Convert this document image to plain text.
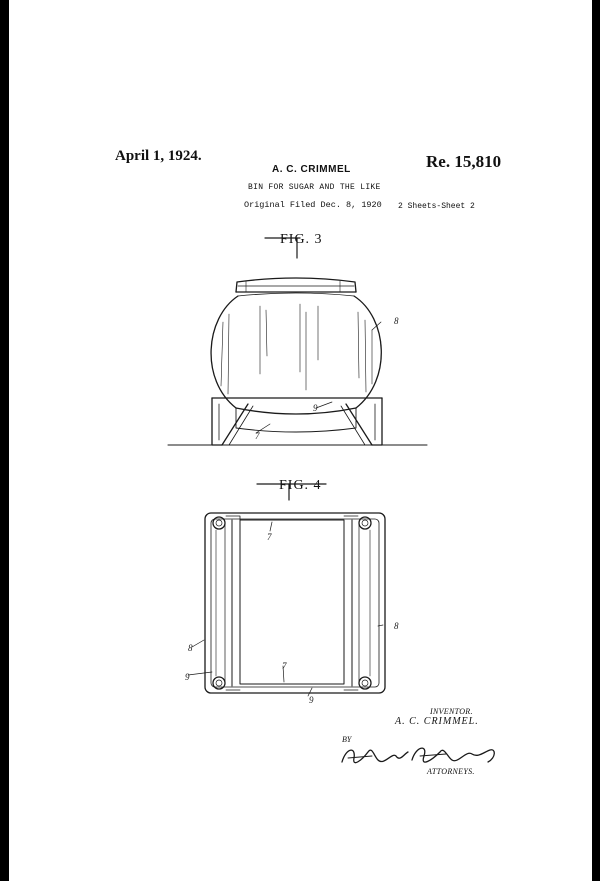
April 1, 1924.	Re. 15,810

A. C. CRIMMEL

BIN FOR SUGAR AND THE LIKE

Original Filed Dec. 8, 1920 2 Sheets-Sheet 2

FIG. 3

FIG. 4

8
9
7
7
8
8
9
7
9

INVENTOR.

A. C. CRIMMEL.

BY

ATTORNEYS.
